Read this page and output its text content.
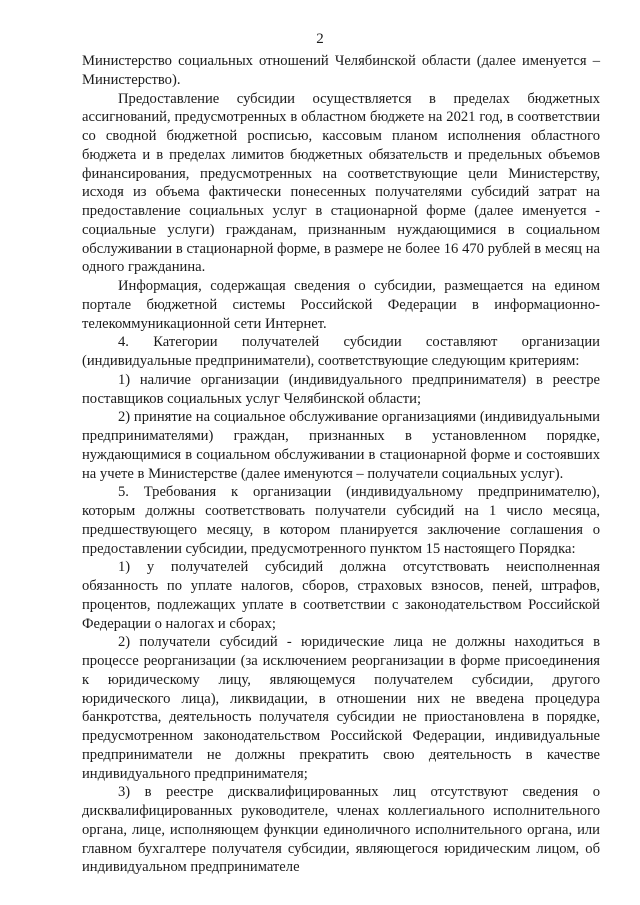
2

Министерство социальных отношений Челябинской области (далее именуется – Министерство).

Предоставление субсидии осуществляется в пределах бюджетных ассигнований, предусмотренных в областном бюджете на 2021 год, в соответствии со сводной бюджетной росписью, кассовым планом исполнения областного бюджета и в пределах лимитов бюджетных обязательств и предельных объемов финансирования, предусмотренных на соответствующие цели Министерству, исходя из объема фактически понесенных получателями субсидий затрат на предоставление социальных услуг в стационарной форме (далее именуется - социальные услуги) гражданам, признанным нуждающимися в социальном обслуживании в стационарной форме, в размере не более 16 470 рублей в месяц на одного гражданина.

Информация, содержащая сведения о субсидии, размещается на едином портале бюджетной системы Российской Федерации в информационно-телекоммуникационной сети Интернет.

4. Категории получателей субсидии составляют организации (индивидуальные предприниматели), соответствующие следующим критериям:

1) наличие организации (индивидуального предпринимателя) в реестре поставщиков социальных услуг Челябинской области;

2) принятие на социальное обслуживание организациями (индивидуальными предпринимателями) граждан, признанных в установленном порядке, нуждающимися в социальном обслуживании в стационарной форме и состоявших на учете в Министерстве (далее именуются – получатели социальных услуг).

5. Требования к организации (индивидуальному предпринимателю), которым должны соответствовать получатели субсидий на 1 число месяца, предшествующего месяцу, в котором планируется заключение соглашения о предоставлении субсидии, предусмотренного пунктом 15 настоящего Порядка:

1) у получателей субсидий должна отсутствовать неисполненная обязанность по уплате налогов, сборов, страховых взносов, пеней, штрафов, процентов, подлежащих уплате в соответствии с законодательством Российской Федерации о налогах и сборах;

2) получатели субсидий - юридические лица не должны находиться в процессе реорганизации (за исключением реорганизации в форме присоединения к юридическому лицу, являющемуся получателем субсидии, другого юридического лица), ликвидации, в отношении них не введена процедура банкротства, деятельность получателя субсидии не приостановлена в порядке, предусмотренном законодательством Российской Федерации, индивидуальные предприниматели не должны прекратить свою деятельность в качестве индивидуального предпринимателя;

3) в реестре дисквалифицированных лиц отсутствуют сведения о дисквалифицированных руководителе, членах коллегиального исполнительного органа, лице, исполняющем функции единоличного исполнительного органа, или главном бухгалтере получателя субсидии, являющегося юридическим лицом, об индивидуальном предпринимателе
